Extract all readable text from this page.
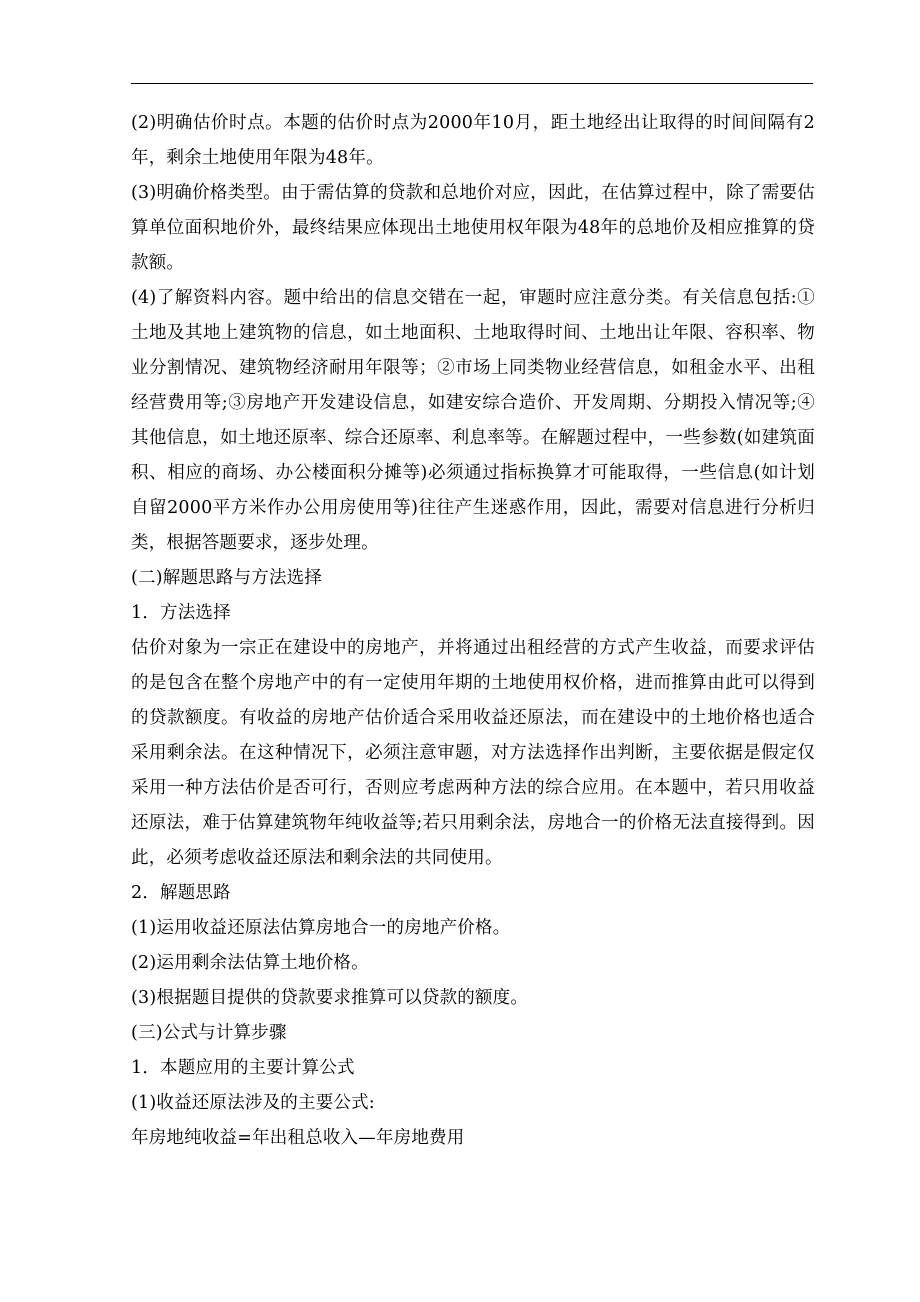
(2)明确估价时点。本题的估价时点为2000年10月，距土地经出让取得的时间间隔有2年，剩余土地使用年限为48年。

(3)明确价格类型。由于需估算的贷款和总地价对应，因此，在估算过程中，除了需要估算单位面积地价外，最终结果应体现出土地使用权年限为48年的总地价及相应推算的贷款额。

(4)了解资料内容。题中给出的信息交错在一起，审题时应注意分类。有关信息包括:①土地及其地上建筑物的信息，如土地面积、土地取得时间、土地出让年限、容积率、物业分割情况、建筑物经济耐用年限等；②市场上同类物业经营信息，如租金水平、出租经营费用等;③房地产开发建设信息，如建安综合造价、开发周期、分期投入情况等;④其他信息，如土地还原率、综合还原率、利息率等。在解题过程中，一些参数(如建筑面积、相应的商场、办公楼面积分摊等)必须通过指标换算才可能取得，一些信息(如计划自留2000平方米作办公用房使用等)往往产生迷惑作用，因此，需要对信息进行分析归类，根据答题要求，逐步处理。

(二)解题思路与方法选择

1．方法选择

估价对象为一宗正在建设中的房地产，并将通过出租经营的方式产生收益，而要求评估的是包含在整个房地产中的有一定使用年期的土地使用权价格，进而推算由此可以得到的贷款额度。有收益的房地产估价适合采用收益还原法，而在建设中的土地价格也适合采用剩余法。在这种情况下，必须注意审题，对方法选择作出判断，主要依据是假定仅采用一种方法估价是否可行，否则应考虑两种方法的综合应用。在本题中，若只用收益还原法，难于估算建筑物年纯收益等;若只用剩余法，房地合一的价格无法直接得到。因此，必须考虑收益还原法和剩余法的共同使用。

2．解题思路

(1)运用收益还原法估算房地合一的房地产价格。

(2)运用剩余法估算土地价格。

(3)根据题目提供的贷款要求推算可以贷款的额度。

(三)公式与计算步骤

1．本题应用的主要计算公式

(1)收益还原法涉及的主要公式:

年房地纯收益=年出租总收入—年房地费用
